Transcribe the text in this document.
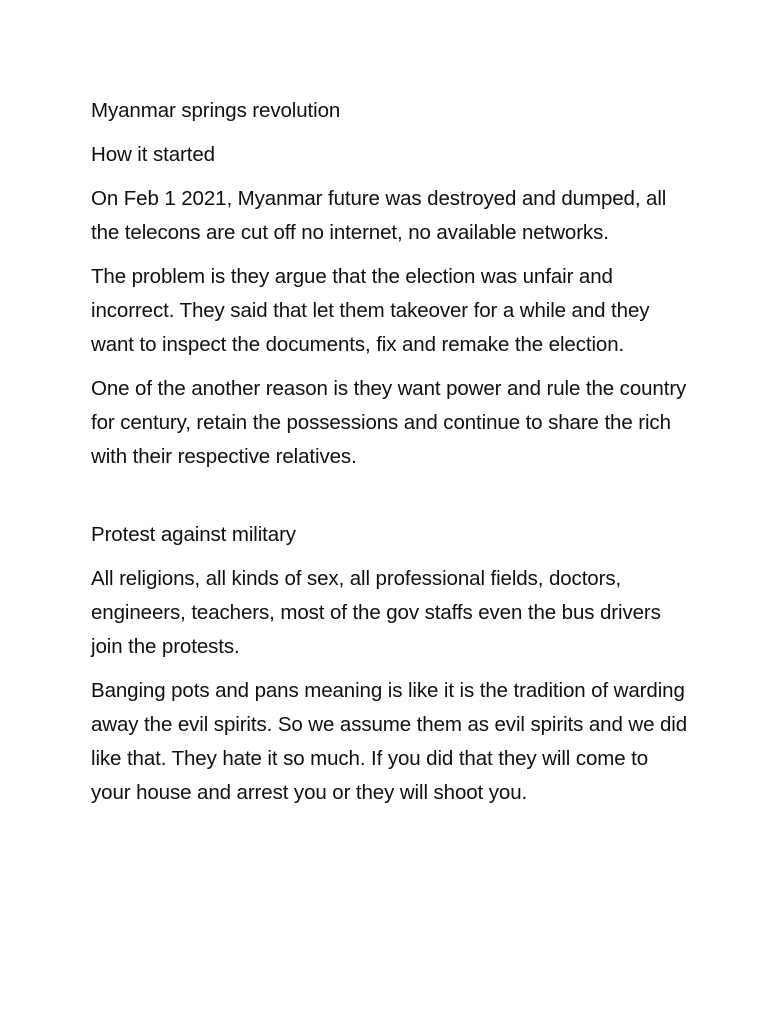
Myanmar springs revolution

How it started

On Feb 1 2021, Myanmar future was destroyed and dumped, all the telecons are cut off no internet, no available networks.

The problem is they argue that the election was unfair and incorrect. They said that let them takeover for a while and they want to inspect the documents, fix and remake the election.

One of the another reason is they want power and rule the country for century, retain the possessions and continue to share the rich with their respective relatives.

Protest against military

All religions, all kinds of sex, all professional fields, doctors, engineers, teachers, most of the gov staffs even the bus drivers join the protests.

Banging pots and pans meaning is like it is the tradition of warding away the evil spirits. So we assume them as evil spirits and we did like that. They hate it so much. If you did that they will come to your house and arrest you or they will shoot you.
